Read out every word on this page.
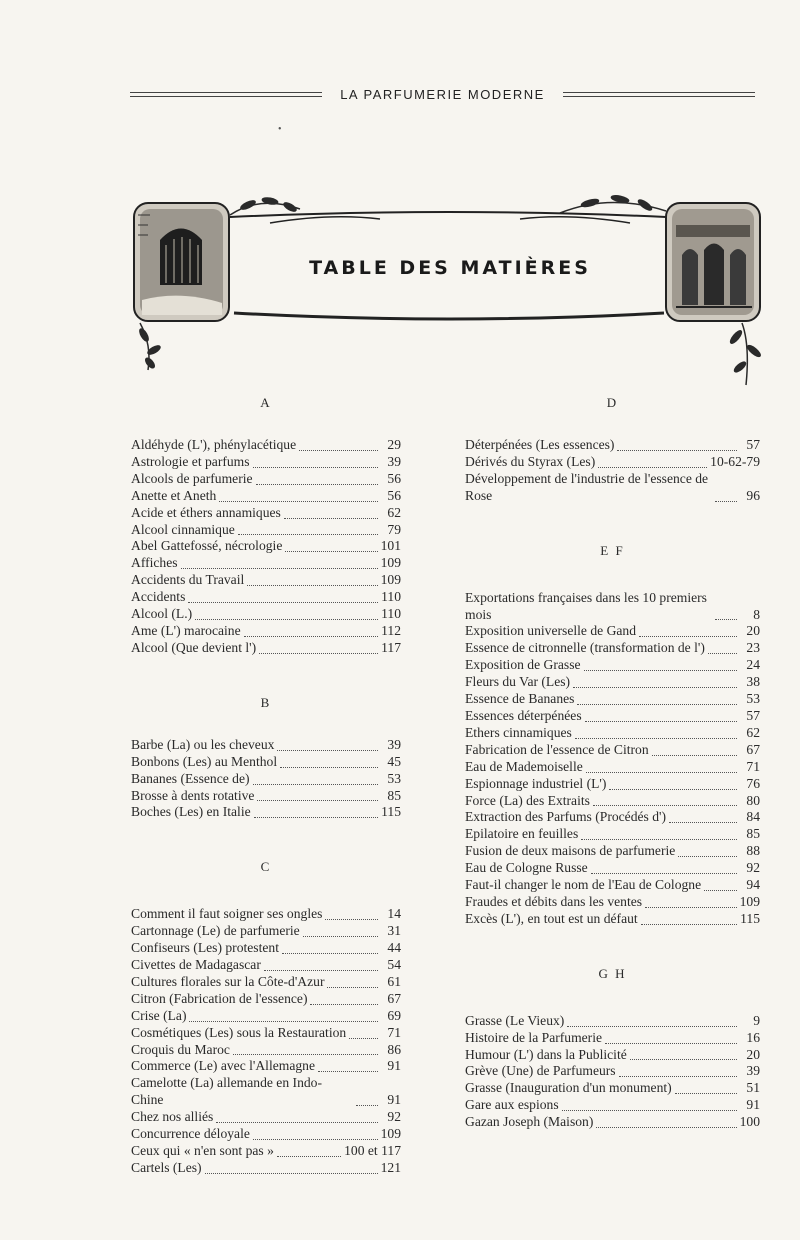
LA PARFUMERIE MODERNE
•
TABLE DES MATIÈRES
A
Aldéhyde (L'), phénylacétique	29
Astrologie et parfums	39
Alcools de parfumerie	56
Anette et Aneth	56
Acide et éthers annamiques	62
Alcool cinnamique	79
Abel Gattefossé, nécrologie	101
Affiches	109
Accidents du Travail	109
Accidents	110
Alcool (L.)	110
Ame (L') marocaine	112
Alcool (Que devient l')	117
B
Barbe (La) ou les cheveux	39
Bonbons (Les) au Menthol	45
Bananes (Essence de)	53
Brosse à dents rotative	85
Boches (Les) en Italie	115
C
Comment il faut soigner ses ongles	14
Cartonnage (Le) de parfumerie	31
Confiseurs (Les) protestent	44
Civettes de Madagascar	54
Cultures florales sur la Côte-d'Azur	61
Citron (Fabrication de l'essence)	67
Crise (La)	69
Cosmétiques (Les) sous la Restauration	71
Croquis du Maroc	86
Commerce (Le) avec l'Allemagne	91
Camelotte (La) allemande en Indo-Chine	91
Chez nos alliés	92
Concurrence déloyale	109
Ceux qui « n'en sont pas »	100 et 117
Cartels (Les)	121
D
Déterpénées (Les essences)	57
Dérivés du Styrax (Les)	10-62-79
Développement de l'industrie de l'essence de Rose	96
E F
Exportations françaises dans les 10 premiers mois	8
Exposition universelle de Gand	20
Essence de citronnelle (transformation de l')	23
Exposition de Grasse	24
Fleurs du Var (Les)	38
Essence de Bananes	53
Essences déterpénées	57
Ethers cinnamiques	62
Fabrication de l'essence de Citron	67
Eau de Mademoiselle	71
Espionnage industriel (L')	76
Force (La) des Extraits	80
Extraction des Parfums (Procédés d')	84
Epilatoire en feuilles	85
Fusion de deux maisons de parfumerie	88
Eau de Cologne Russe	92
Faut-il changer le nom de l'Eau de Cologne	94
Fraudes et débits dans les ventes	109
Excès (L'), en tout est un défaut	115
G H
Grasse (Le Vieux)	9
Histoire de la Parfumerie	16
Humour (L') dans la Publicité	20
Grève (Une) de Parfumeurs	39
Grasse (Inauguration d'un monument)	51
Gare aux espions	91
Gazan Joseph (Maison)	100
